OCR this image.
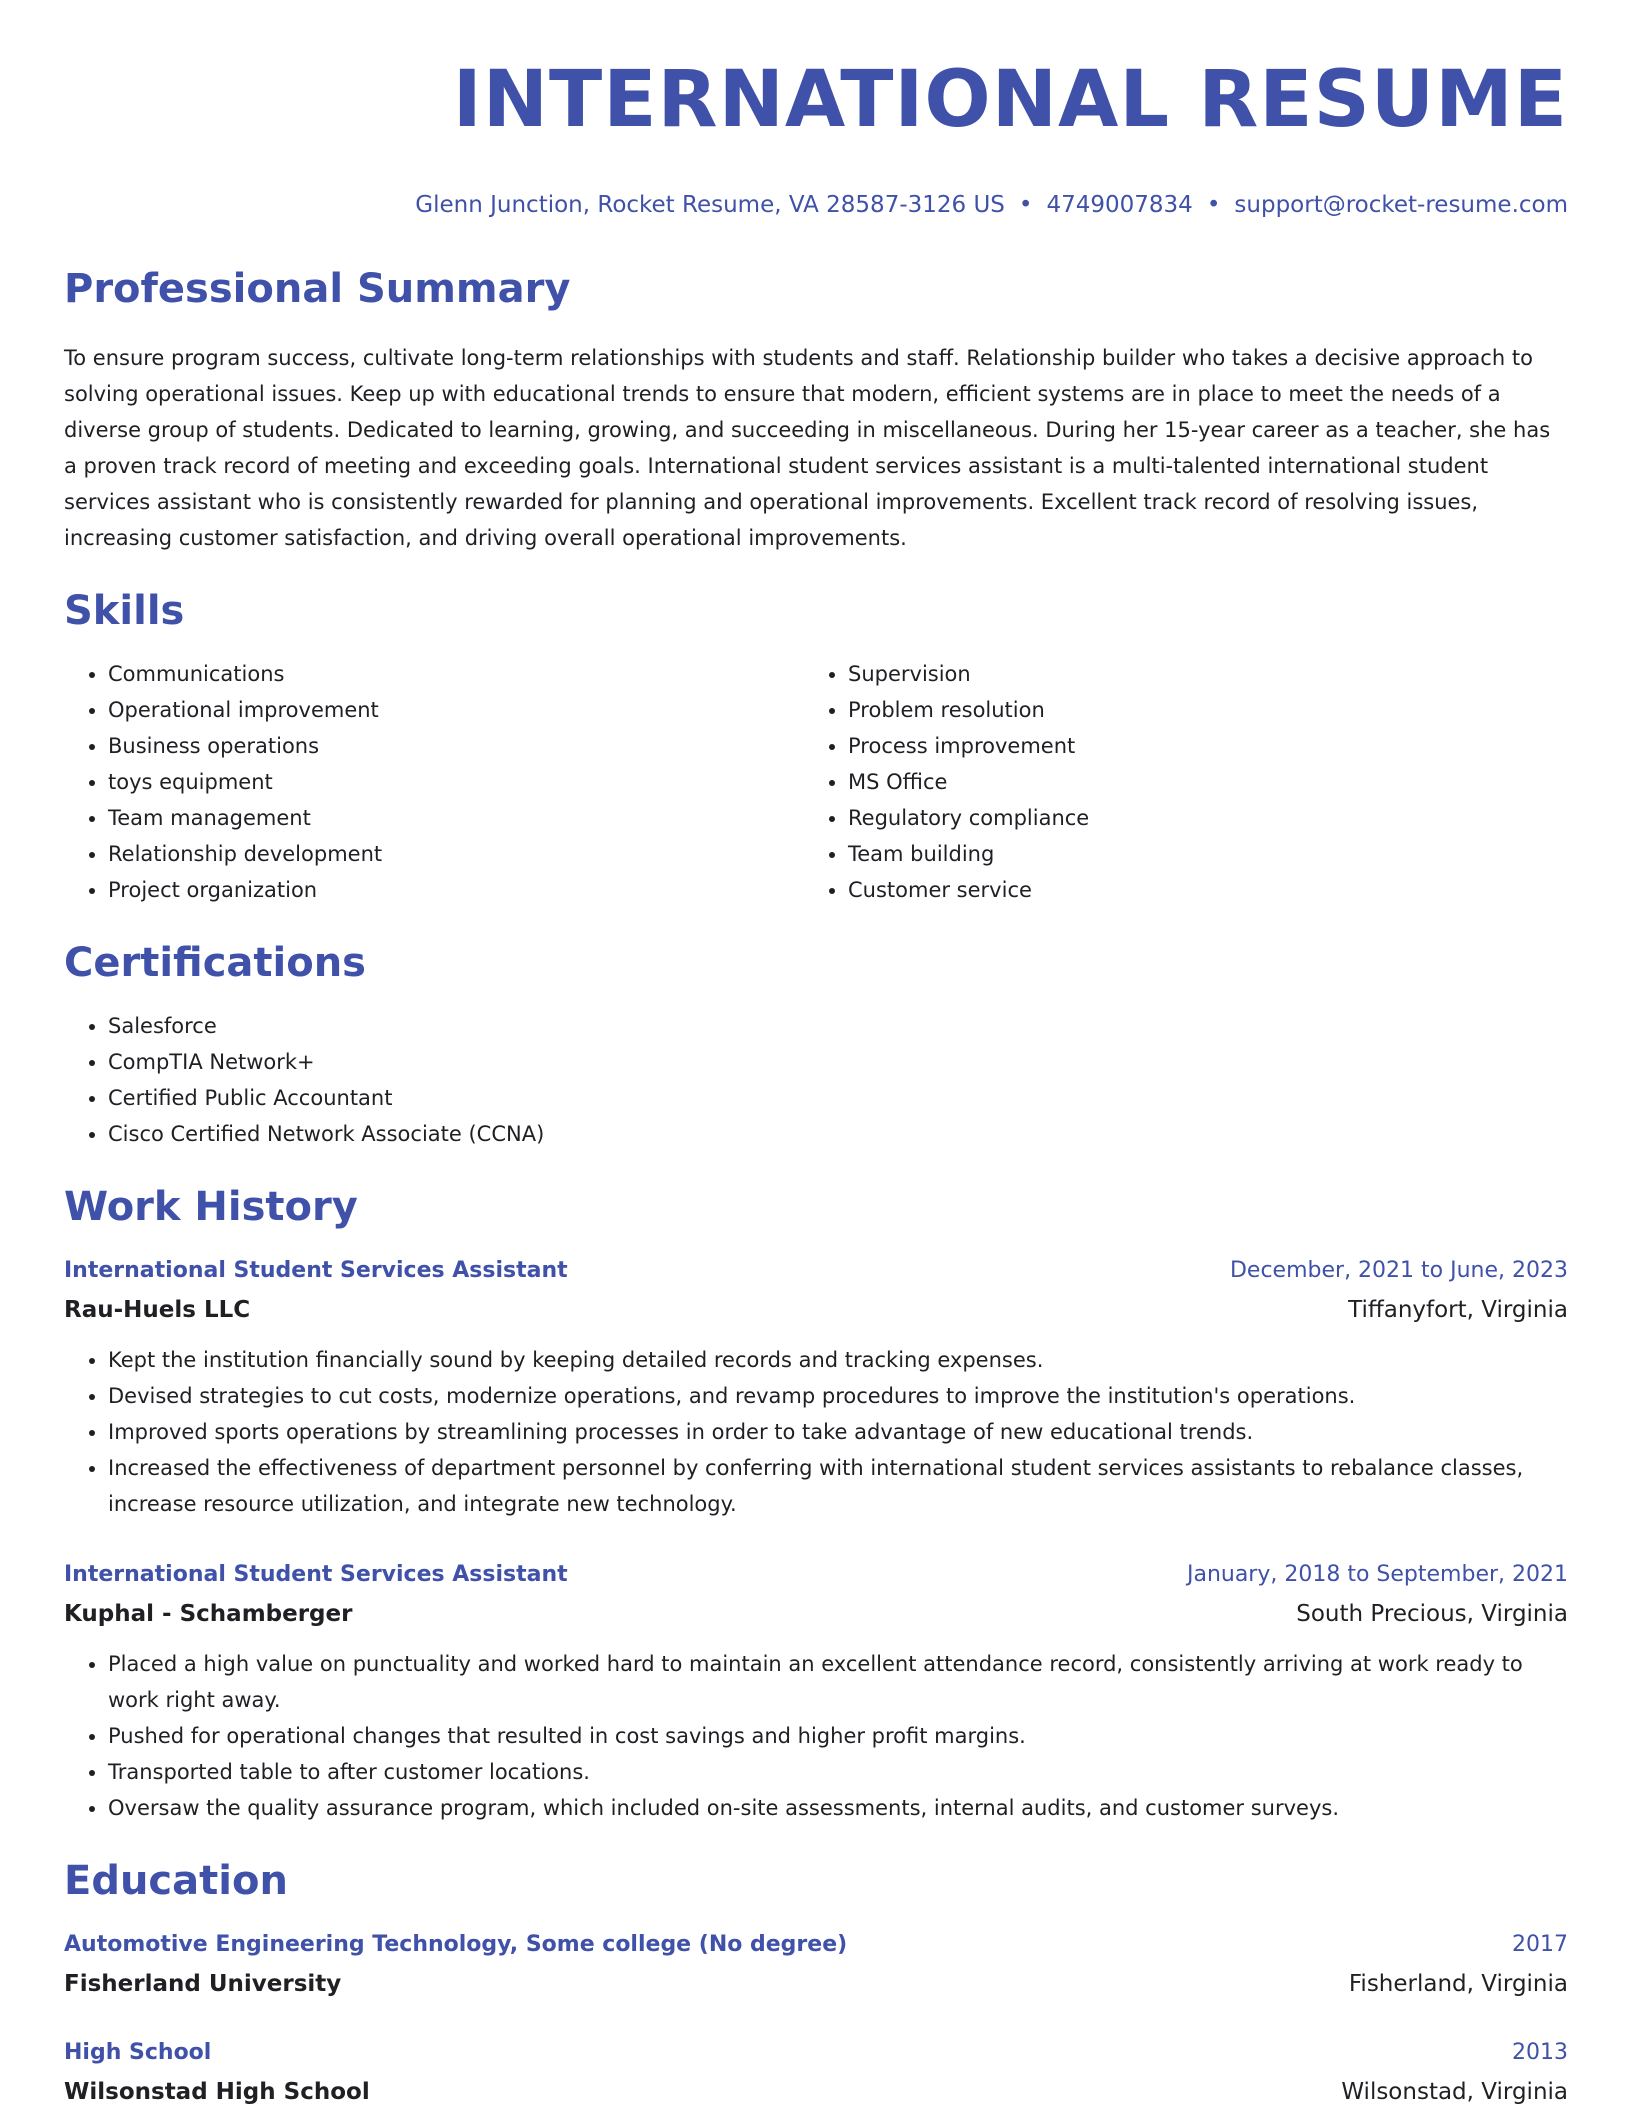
INTERNATIONAL RESUME
Glenn Junction, Rocket Resume, VA 28587-3126 US • 4749007834 • support@rocket-resume.com
Professional Summary

To ensure program success, cultivate long-term relationships with students and staff. Relationship builder who takes a decisive approach to solving operational issues. Keep up with educational trends to ensure that modern, efficient systems are in place to meet the needs of a diverse group of students. Dedicated to learning, growing, and succeeding in miscellaneous. During her 15-year career as a teacher, she has a proven track record of meeting and exceeding goals. International student services assistant is a multi-talented international student services assistant who is consistently rewarded for planning and operational improvements. Excellent track record of resolving issues, increasing customer satisfaction, and driving overall operational improvements.

Skills
• Communications
• Operational improvement
• Business operations
• toys equipment
• Team management
• Relationship development
• Project organization
• Supervision
• Problem resolution
• Process improvement
• MS Office
• Regulatory compliance
• Team building
• Customer service
Certifications
• Salesforce
• CompTIA Network+
• Certified Public Accountant
• Cisco Certified Network Associate (CCNA)
Work History
International Student Services Assistant	December, 2021 to June, 2023
Rau-Huels LLC	Tiffanyfort, Virginia
• Kept the institution financially sound by keeping detailed records and tracking expenses.
• Devised strategies to cut costs, modernize operations, and revamp procedures to improve the institution's operations.
• Improved sports operations by streamlining processes in order to take advantage of new educational trends.
• Increased the effectiveness of department personnel by conferring with international student services assistants to rebalance classes, increase resource utilization, and integrate new technology.
International Student Services Assistant	January, 2018 to September, 2021
Kuphal - Schamberger	South Precious, Virginia
• Placed a high value on punctuality and worked hard to maintain an excellent attendance record, consistently arriving at work ready to work right away.
• Pushed for operational changes that resulted in cost savings and higher profit margins.
• Transported table to after customer locations.
• Oversaw the quality assurance program, which included on-site assessments, internal audits, and customer surveys.
Education
Automotive Engineering Technology, Some college (No degree)	2017
Fisherland University	Fisherland, Virginia
High School	2013
Wilsonstad High School	Wilsonstad, Virginia
